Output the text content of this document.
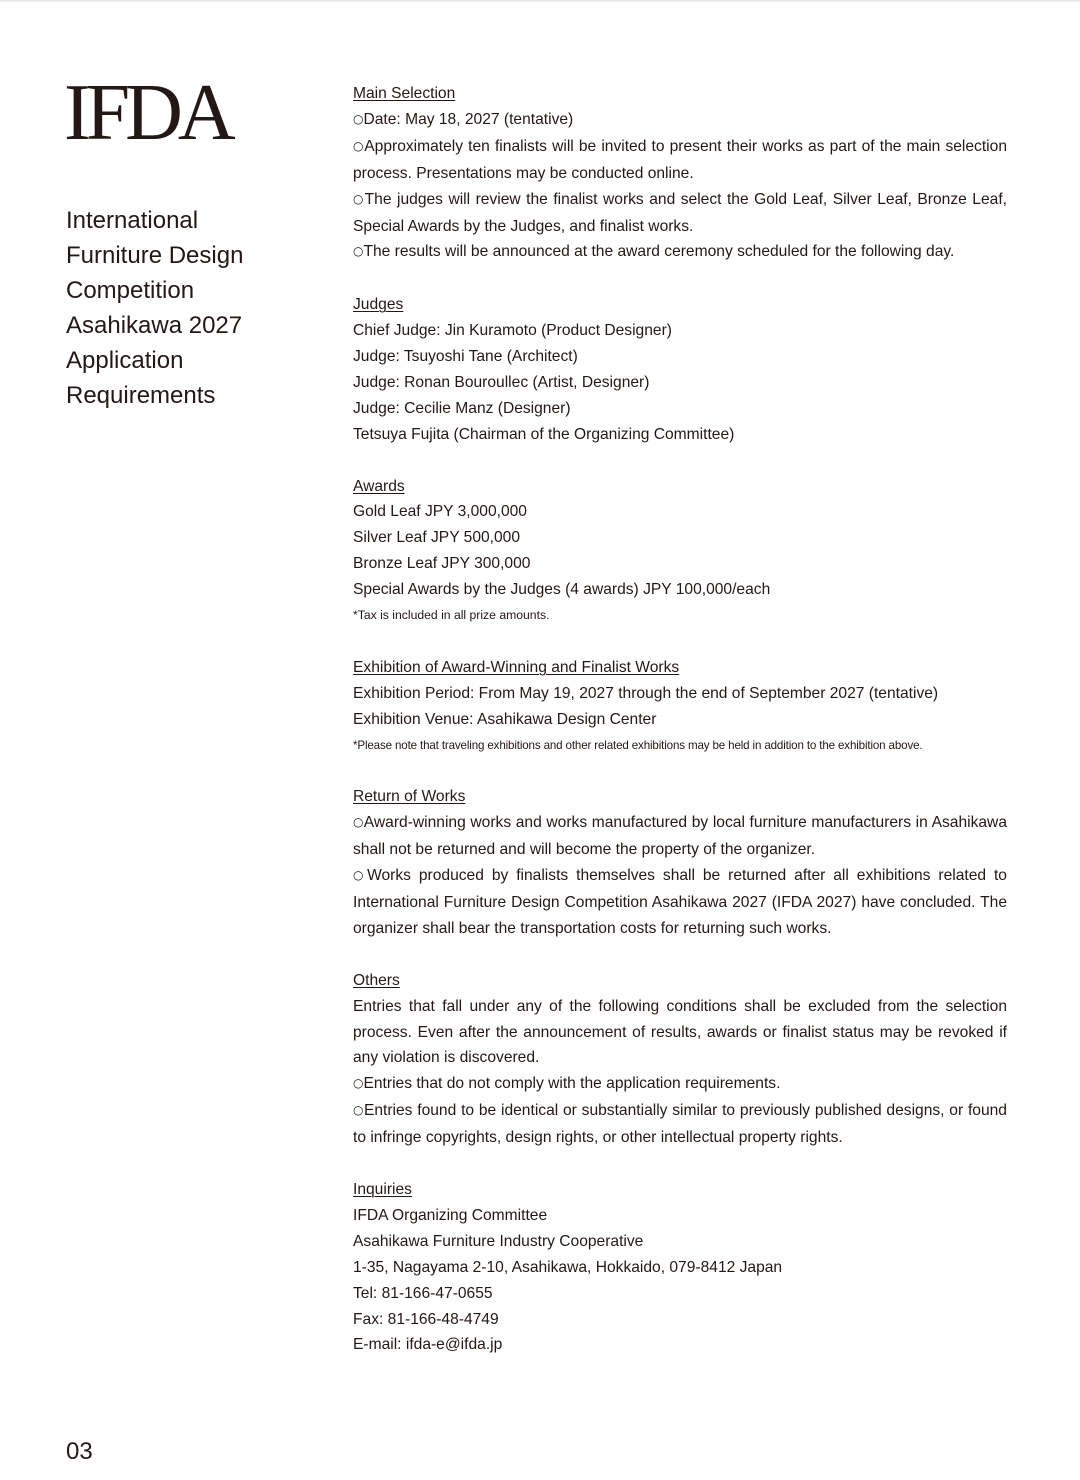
IFDA
International
Furniture Design
Competition
Asahikawa 2027
Application
Requirements
Main Selection
○ Date: May 18, 2027 (tentative)
○ Approximately ten finalists will be invited to present their works as part of the main selection process. Presentations may be conducted online.
○ The judges will review the finalist works and select the Gold Leaf, Silver Leaf, Bronze Leaf, Special Awards by the Judges, and finalist works.
○ The results will be announced at the award ceremony scheduled for the following day.
Judges
Chief Judge: Jin Kuramoto (Product Designer)
Judge: Tsuyoshi Tane (Architect)
Judge: Ronan Bouroullec (Artist, Designer)
Judge: Cecilie Manz (Designer)
Tetsuya Fujita (Chairman of the Organizing Committee)
Awards
Gold Leaf JPY 3,000,000
Silver Leaf JPY 500,000
Bronze Leaf JPY 300,000
Special Awards by the Judges (4 awards) JPY 100,000/each
*Tax is included in all prize amounts.
Exhibition of Award-Winning and Finalist Works
Exhibition Period: From May 19, 2027 through the end of September 2027 (tentative)
Exhibition Venue: Asahikawa Design Center
*Please note that traveling exhibitions and other related exhibitions may be held in addition to the exhibition above.
Return of Works
○ Award-winning works and works manufactured by local furniture manufacturers in Asahikawa shall not be returned and will become the property of the organizer.
○ Works produced by finalists themselves shall be returned after all exhibitions related to International Furniture Design Competition Asahikawa 2027 (IFDA 2027) have concluded. The organizer shall bear the transportation costs for returning such works.
Others
Entries that fall under any of the following conditions shall be excluded from the selection process. Even after the announcement of results, awards or finalist status may be revoked if any violation is discovered.
○ Entries that do not comply with the application requirements.
○ Entries found to be identical or substantially similar to previously published designs, or found to infringe copyrights, design rights, or other intellectual property rights.
Inquiries
IFDA Organizing Committee
Asahikawa Furniture Industry Cooperative
1-35, Nagayama 2-10, Asahikawa, Hokkaido, 079-8412 Japan
Tel: 81-166-47-0655
Fax: 81-166-48-4749
E-mail: ifda-e@ifda.jp
03
